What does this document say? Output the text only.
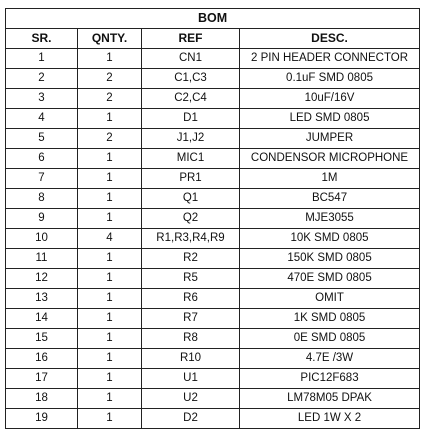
BOM			
SR.	QNTY.	REF	DESC.
1	1	CN1	2 PIN HEADER CONNECTOR
2	2	C1,C3	0.1uF SMD 0805
3	2	C2,C4	10uF/16V
4	1	D1	LED SMD 0805
5	2	J1,J2	JUMPER
6	1	MIC1	CONDENSOR MICROPHONE
7	1	PR1	1M
8	1	Q1	BC547
9	1	Q2	MJE3055
10	4	R1,R3,R4,R9	10K SMD 0805
11	1	R2	150K SMD 0805
12	1	R5	470E SMD 0805
13	1	R6	OMIT
14	1	R7	1K SMD 0805
15	1	R8	0E SMD 0805
16	1	R10	4.7E /3W
17	1	U1	PIC12F683
18	1	U2	LM78M05 DPAK
19	1	D2	LED 1W X 2
